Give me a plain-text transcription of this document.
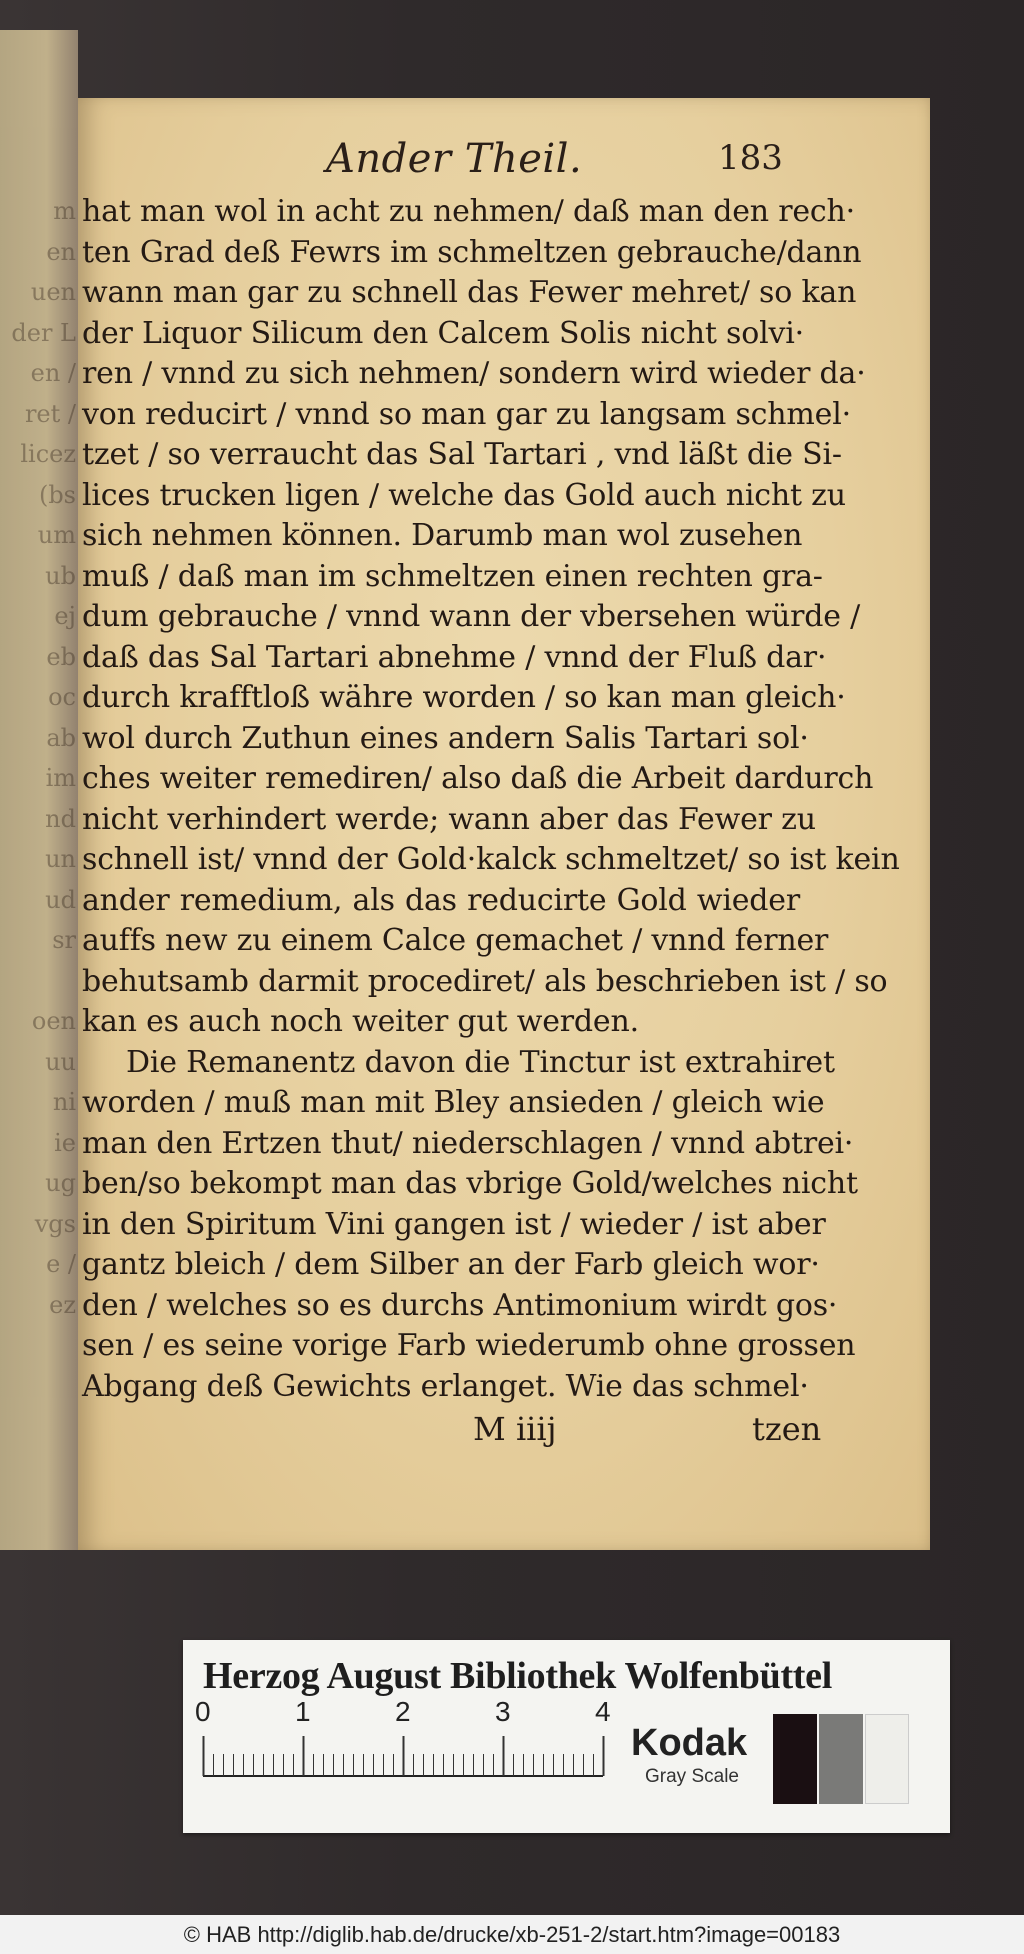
m
en
uen
der L
en /
ret /
licez
(bs
um
ub
ej
eb
oc
ab
im
nd
un
ud
sr
oen
uu
ni
ie
ug
vgs
e /
ez
Ander Theil.	183
hat man wol in acht zu nehmen/ daß man den rech·
ten Grad deß Fewrs im schmeltzen gebrauche/dann
wann man gar zu schnell das Fewer mehret/ so kan
der Liquor Silicum den Calcem Solis nicht solvi·
ren / vnnd zu sich nehmen/ sondern wird wieder da·
von reducirt / vnnd so man gar zu langsam schmel·
tzet / so verraucht das Sal Tartari , vnd läßt die Si-
lices trucken ligen / welche das Gold auch nicht zu
sich nehmen können. Darumb man wol zusehen
muß / daß man im schmeltzen einen rechten gra-
dum gebrauche / vnnd wann der vbersehen würde /
daß das Sal Tartari abnehme / vnnd der Fluß dar·
durch krafftloß währe worden / so kan man gleich·
wol durch Zuthun eines andern Salis Tartari sol·
ches weiter remediren/ also daß die Arbeit dardurch
nicht verhindert werde; wann aber das Fewer zu
schnell ist/ vnnd der Gold·kalck schmeltzet/ so ist kein
ander remedium, als das reducirte Gold wieder
auffs new zu einem Calce gemachet / vnnd ferner
behutsamb darmit procediret/ als beschrieben ist / so
kan es auch noch weiter gut werden.
Die Remanentz davon die Tinctur ist extrahiret
worden / muß man mit Bley ansieden / gleich wie
man den Ertzen thut/ niederschlagen / vnnd abtrei·
ben/so bekompt man das vbrige Gold/welches nicht
in den Spiritum Vini gangen ist / wieder / ist aber
gantz bleich / dem Silber an der Farb gleich wor·
den / welches so es durchs Antimonium wirdt gos·
sen / es seine vorige Farb wiederumb ohne grossen
Abgang deß Gewichts erlanget. Wie das schmel·
M iiij	tzen
Herzog August Bibliothek Wolfenbüttel
0	1	2	3	4
Kodak
Gray Scale
© HAB http://diglib.hab.de/drucke/xb-251-2/start.htm?image=00183
